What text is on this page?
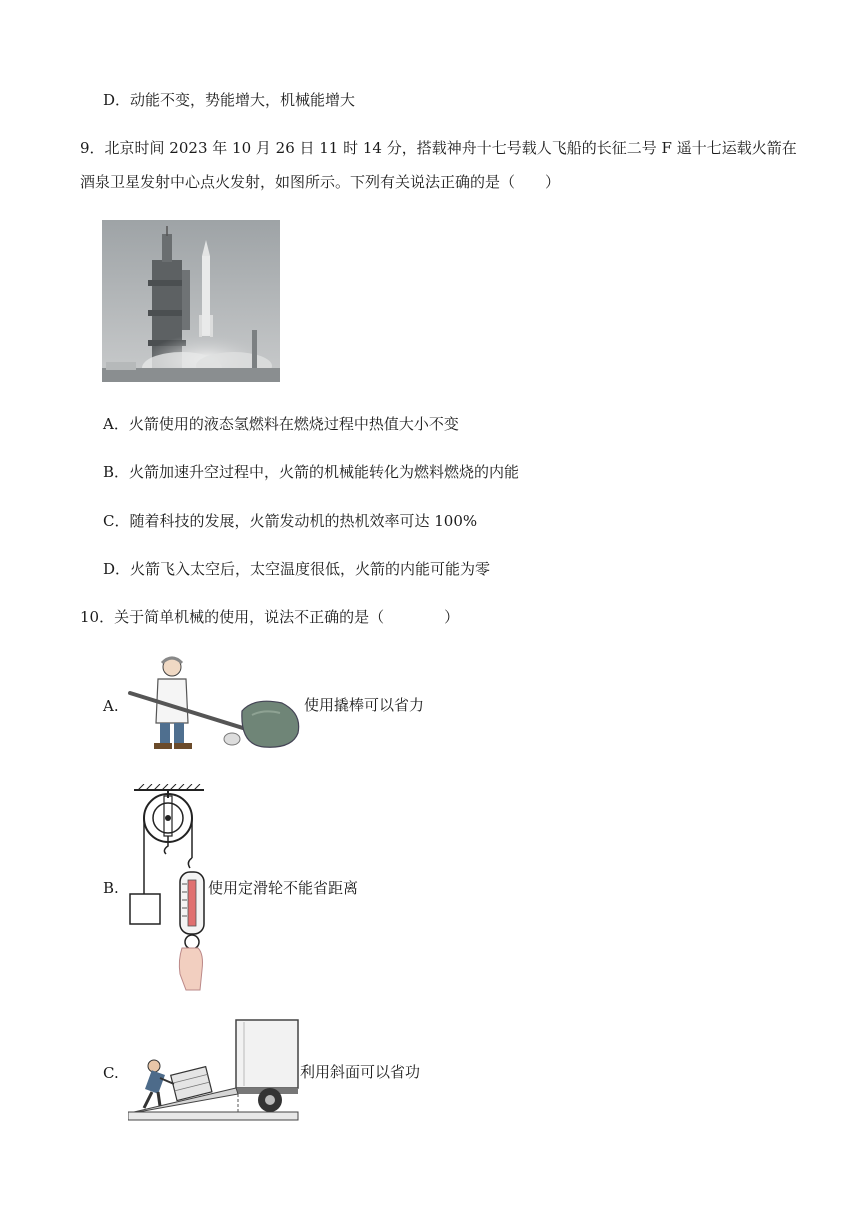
D．动能不变，势能增大，机械能增大
9．北京时间 2023 年 10 月 26 日 11 时 14 分，搭载神舟十七号载人飞船的长征二号 F 遥十七运载火箭在
酒泉卫星发射中心点火发射，如图所示。下列有关说法正确的是（　　）
A．火箭使用的液态氢燃料在燃烧过程中热值大小不变
B．火箭加速升空过程中，火箭的机械能转化为燃料燃烧的内能
C．随着科技的发展，火箭发动机的热机效率可达 100%
D．火箭飞入太空后，太空温度很低，火箭的内能可能为零
10．关于简单机械的使用，说法不正确的是（　　　　）
A.	使用撬棒可以省力
B.	使用定滑轮不能省距离
C.	利用斜面可以省功
